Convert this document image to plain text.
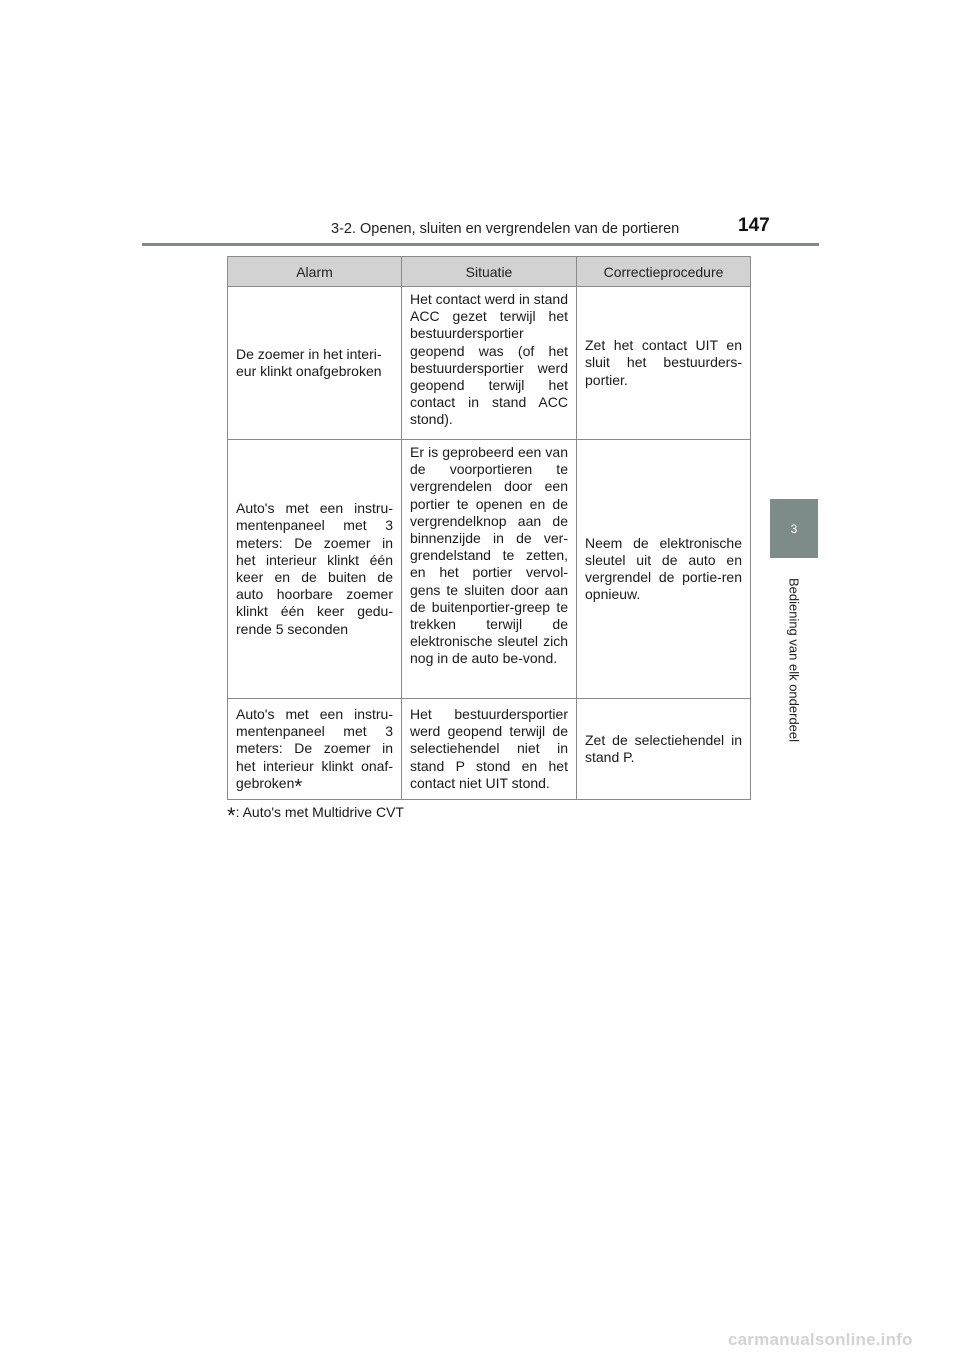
3-2. Openen, sluiten en vergrendelen van de portieren	147
3
Bediening van elk onderdeel
Alarm	Situatie	Correctieprocedure

De zoemer in het interi-eur klinkt onafgebroken	Het contact werd in stand ACC gezet terwijl het bestuurdersportier geopend was (of het bestuurdersportier werd geopend terwijl het contact in stand ACC stond).	Zet het contact UIT en sluit het bestuurders-portier.

Auto's met een instru-mentenpaneel met 3 meters: De zoemer in het interieur klinkt één keer en de buiten de auto hoorbare zoemer klinkt één keer gedu-rende 5 seconden	Er is geprobeerd een van de voorportieren te vergrendelen door een portier te openen en de vergrendelknop aan de binnenzijde in de ver-grendelstand te zetten, en het portier vervol-gens te sluiten door aan de buitenportier-greep te trekken terwijl de elektronische sleutel zich nog in de auto be-vond.	Neem de elektronische sleutel uit de auto en vergrendel de portie-ren opnieuw.

Auto's met een instru-mentenpaneel met 3 meters: De zoemer in het interieur klinkt onaf-gebroken*	Het bestuurdersportier werd geopend terwijl de selectiehendel niet in stand P stond en het contact niet UIT stond.	Zet de selectiehendel in stand P.
*: Auto's met Multidrive CVT
carmanualsonline.info
